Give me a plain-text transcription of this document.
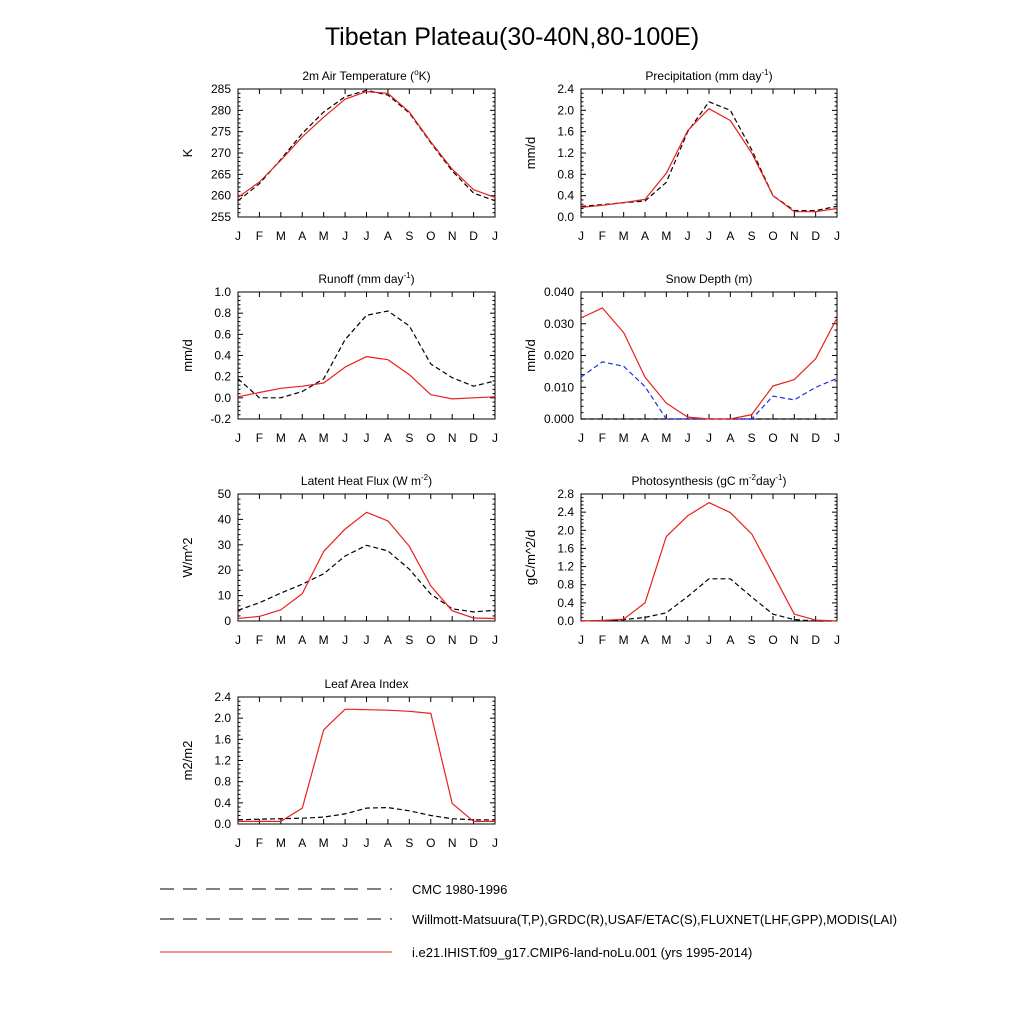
Tibetan Plateau(30-40N,80-100E)
2m Air Temperature ($^o$K)
255
260
265
270
275
280
285
J F M A M J J A S O N D J
K
Precipitation (mm day$^{-1}$)
0.0
0.4
0.8
1.2
1.6
2.0
2.4
J F M A M J J A S O N D J
mm/d
Runoff (mm day$^{-1}$)
-0.2
0.0
0.2
0.4
0.6
0.8
1.0
J F M A M J J A S O N D J
mm/d
Snow Depth (m)
0.000
0.010
0.020
0.030
0.040
J F M A M J J A S O N D J
mm/d
Latent Heat Flux (W $m^{-2}$)
0
10
20
30
40
50
J F M A M J J A S O N D J
W/m^2
Photosynthesis (gC $m^{-2}day^{-1}$)
0.0
0.4
0.8
1.2
1.6
2.0
2.4
2.8
J F M A M J J A S O N D J
gC/m^2/d
Leaf Area Index
0.0
0.4
0.8
1.2
1.6
2.0
2.4
J F M A M J J A S O N D J
m2/m2
CMC 1980-1996
Willmott-Matsuura(T,P),GRDC(R),USAF/ETAC(S),FLUXNET(LHF,GPP),MODIS(LAI)
i.e21.IHIST.f09_g17.CMIP6-land-noLu.001 (yrs 1995-2014)
